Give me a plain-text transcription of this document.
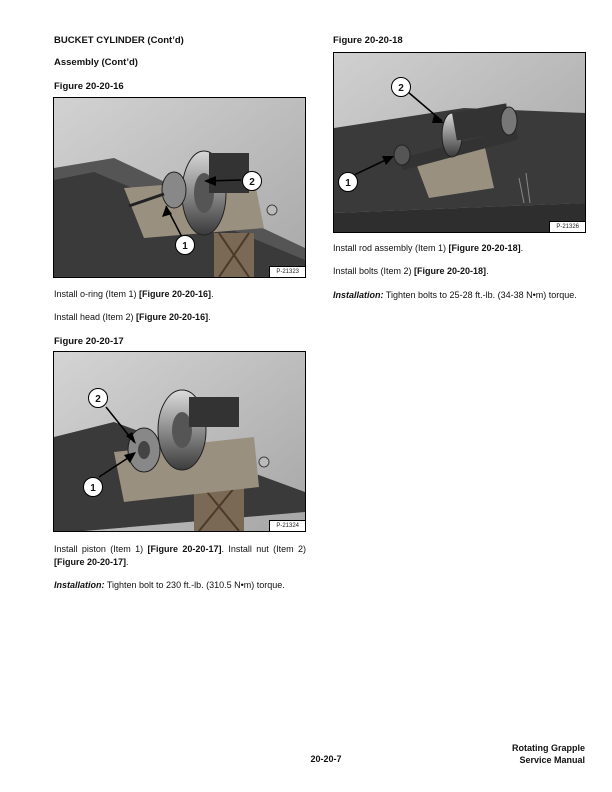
BUCKET CYLINDER (Cont’d)
Assembly (Cont’d)
Figure 20-20-16
1
2
P-21323
Install o-ring (Item 1) [Figure 20-20-16].
Install head (Item 2) [Figure 20-20-16].
Figure 20-20-17
1
2
P-21324
Install piston (Item 1) [Figure 20-20-17]. Install nut (Item 2) [Figure 20-20-17].
Installation: Tighten bolt to 230 ft.-lb. (310.5 N•m) torque.
Figure 20-20-18
1
2
P-21326
Install rod assembly (Item 1) [Figure 20-20-18].
Install bolts (Item 2) [Figure 20-20-18].
Installation: Tighten bolts to 25-28 ft.-lb. (34-38 N•m) torque.
20-20-7
Rotating Grapple
Service Manual
